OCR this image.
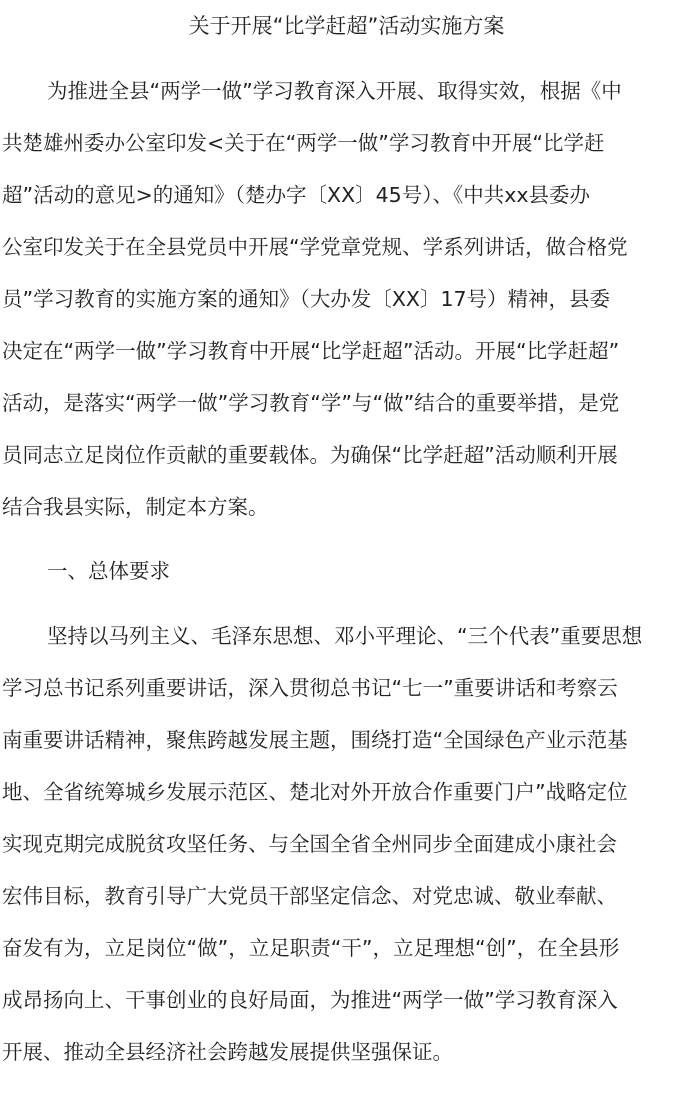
关于开展“比学赶超”活动实施方案
为推进全县“两学一做”学习教育深入开展、取得实效，根据《中
共楚雄州委办公室印发<关于在“两学一做”学习教育中开展“比学赶
超”活动的意见>的通知》（楚办字〔XX〕45号）、《中共xx县委办
公室印发关于在全县党员中开展“学党章党规、学系列讲话，做合格党
员”学习教育的实施方案的通知》（大办发〔XX〕17号）精神，县委
决定在“两学一做”学习教育中开展“比学赶超”活动。开展“比学赶超”
活动，是落实“两学一做”学习教育“学”与“做”结合的重要举措，是党
员同志立足岗位作贡献的重要载体。为确保“比学赶超”活动顺利开展
结合我县实际，制定本方案。
一、总体要求
坚持以马列主义、毛泽东思想、邓小平理论、“三个代表”重要思想
学习总书记系列重要讲话，深入贯彻总书记“七一”重要讲话和考察云
南重要讲话精神，聚焦跨越发展主题，围绕打造“全国绿色产业示范基
地、全省统筹城乡发展示范区、楚北对外开放合作重要门户”战略定位
实现克期完成脱贫攻坚任务、与全国全省全州同步全面建成小康社会
宏伟目标，教育引导广大党员干部坚定信念、对党忠诚、敬业奉献、
奋发有为，立足岗位“做”，立足职责“干”，立足理想“创”，在全县形
成昂扬向上、干事创业的良好局面，为推进“两学一做”学习教育深入
开展、推动全县经济社会跨越发展提供坚强保证。
